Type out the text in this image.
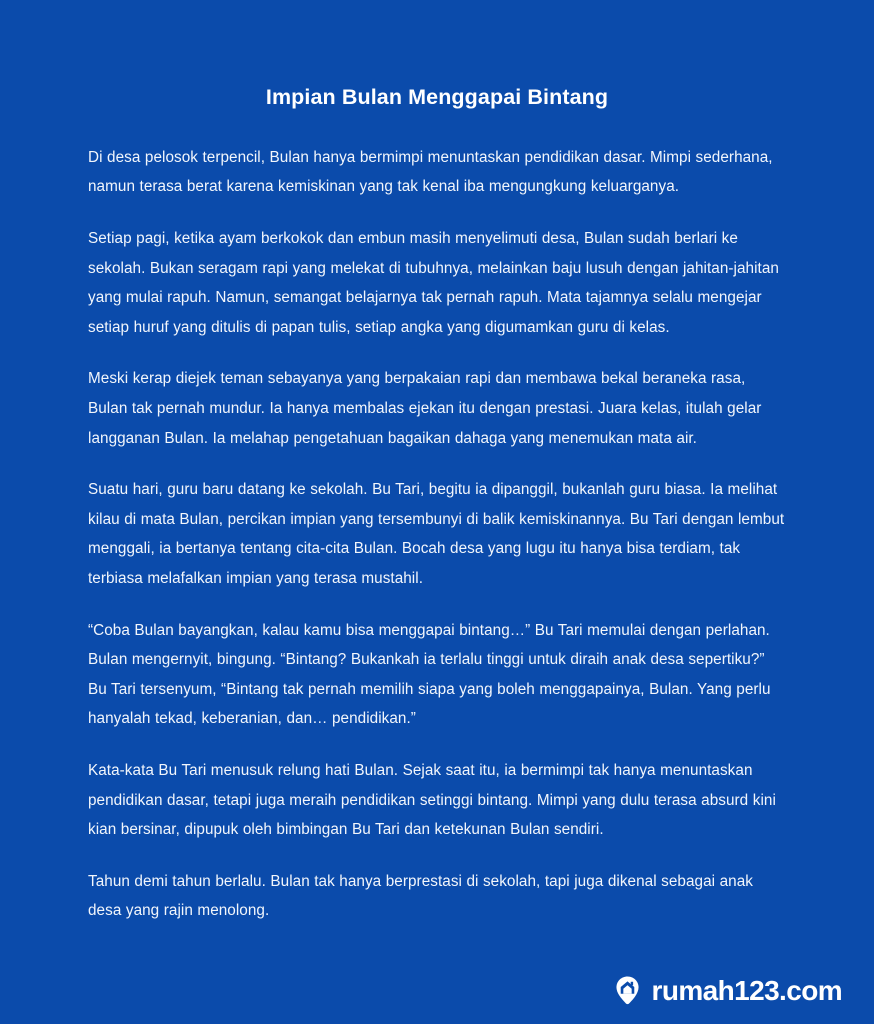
Impian Bulan Menggapai Bintang

Di desa pelosok terpencil, Bulan hanya bermimpi menuntaskan pendidikan dasar. Mimpi sederhana, namun terasa berat karena kemiskinan yang tak kenal iba mengungkung keluarganya.

Setiap pagi, ketika ayam berkokok dan embun masih menyelimuti desa, Bulan sudah berlari ke sekolah. Bukan seragam rapi yang melekat di tubuhnya, melainkan baju lusuh dengan jahitan-jahitan yang mulai rapuh. Namun, semangat belajarnya tak pernah rapuh. Mata tajamnya selalu mengejar setiap huruf yang ditulis di papan tulis, setiap angka yang digumamkan guru di kelas.

Meski kerap diejek teman sebayanya yang berpakaian rapi dan membawa bekal beraneka rasa, Bulan tak pernah mundur. Ia hanya membalas ejekan itu dengan prestasi. Juara kelas, itulah gelar langganan Bulan. Ia melahap pengetahuan bagaikan dahaga yang menemukan mata air.

Suatu hari, guru baru datang ke sekolah. Bu Tari, begitu ia dipanggil, bukanlah guru biasa. Ia melihat kilau di mata Bulan, percikan impian yang tersembunyi di balik kemiskinannya. Bu Tari dengan lembut menggali, ia bertanya tentang cita-cita Bulan. Bocah desa yang lugu itu hanya bisa terdiam, tak terbiasa melafalkan impian yang terasa mustahil.

“Coba Bulan bayangkan, kalau kamu bisa menggapai bintang…” Bu Tari memulai dengan perlahan. Bulan mengernyit, bingung. “Bintang? Bukankah ia terlalu tinggi untuk diraih anak desa sepertiku?” Bu Tari tersenyum, “Bintang tak pernah memilih siapa yang boleh menggapainya, Bulan. Yang perlu hanyalah tekad, keberanian, dan… pendidikan.”

Kata-kata Bu Tari menusuk relung hati Bulan. Sejak saat itu, ia bermimpi tak hanya menuntaskan pendidikan dasar, tetapi juga meraih pendidikan setinggi bintang. Mimpi yang dulu terasa absurd kini kian bersinar, dipupuk oleh bimbingan Bu Tari dan ketekunan Bulan sendiri.

Tahun demi tahun berlalu. Bulan tak hanya berprestasi di sekolah, tapi juga dikenal sebagai anak desa yang rajin menolong.

rumah123.com
